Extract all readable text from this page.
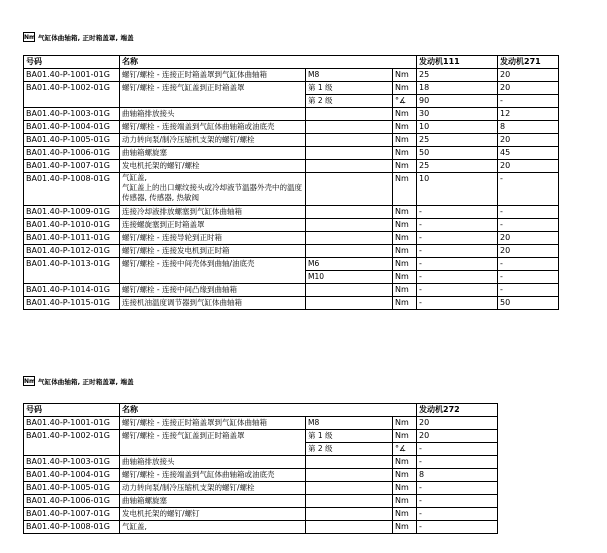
Nm 气缸体曲轴箱, 正时箱盖罩, 端盖
号码	名称			发动机111	发动机271
BA01.40-P-1001-01G	螺钉/螺栓 - 连接正时箱盖罩到气缸体曲轴箱	M8	Nm	25	20
BA01.40-P-1002-01G	螺钉/螺栓 - 连接气缸盖到正时箱盖罩	第 1 级	Nm	18	20
		第 2 级	°∡	90	-
BA01.40-P-1003-01G	曲轴箱排放接头		Nm	30	12
BA01.40-P-1004-01G	螺钉/螺栓 - 连接端盖到气缸体曲轴箱或油底壳		Nm	10	8
BA01.40-P-1005-01G	动力转向泵/制冷压缩机支架的螺钉/螺栓		Nm	25	20
BA01.40-P-1006-01G	曲轴箱螺旋塞		Nm	50	45
BA01.40-P-1007-01G	发电机托架的螺钉/螺栓		Nm	25	20
BA01.40-P-1008-01G	气缸盖,
气缸盖上的出口螺纹接头或冷却液节温器外壳中的温度传感器, 传感器, 热敏阀		Nm	10	-
BA01.40-P-1009-01G	连接冷却液排放螺塞到气缸体曲轴箱		Nm	-	-
BA01.40-P-1010-01G	连接螺旋塞到正时箱盖罩		Nm	-	-
BA01.40-P-1011-01G	螺钉/螺栓 - 连接导轮到正时箱		Nm	-	20
BA01.40-P-1012-01G	螺钉/螺栓 - 连接发电机到正时箱		Nm	-	20
BA01.40-P-1013-01G	螺钉/螺栓 - 连接中间壳体到曲轴/油底壳	M6	Nm	-	-
		M10	Nm	-	-
BA01.40-P-1014-01G	螺钉/螺栓 - 连接中间凸缘到曲轴箱		Nm	-	-
BA01.40-P-1015-01G	连接机油温度调节器到气缸体曲轴箱		Nm	-	50
Nm 气缸体曲轴箱, 正时箱盖罩, 端盖
号码	名称			发动机272
BA01.40-P-1001-01G	螺钉/螺栓 - 连接正时箱盖罩到气缸体曲轴箱	M8	Nm	20
BA01.40-P-1002-01G	螺钉/螺栓 - 连接气缸盖到正时箱盖罩	第 1 级	Nm	20
		第 2 级	°∡	-
BA01.40-P-1003-01G	曲轴箱排放接头		Nm	-
BA01.40-P-1004-01G	螺钉/螺栓 - 连接端盖到气缸体曲轴箱或油底壳		Nm	8
BA01.40-P-1005-01G	动力转向泵/制冷压缩机支架的螺钉/螺栓		Nm	-
BA01.40-P-1006-01G	曲轴箱螺旋塞		Nm	-
BA01.40-P-1007-01G	发电机托架的螺钉/螺钉		Nm	-
BA01.40-P-1008-01G	气缸盖,		Nm	-
